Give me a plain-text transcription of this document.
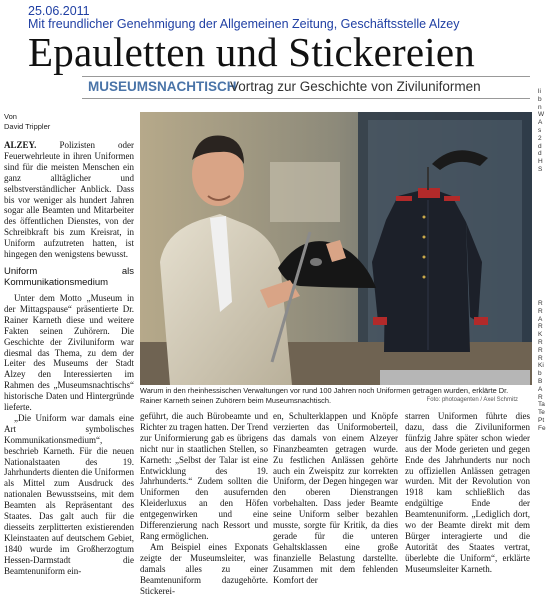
25.06.2011
Mit freundlicher Genehmigung der Allgemeinen Zeitung, Geschäftsstelle Alzey
Epauletten und Stickereien
MUSEUMSNACHTISCH
Vortrag zur Geschichte von Ziviluniformen
Von
David Trippler

ALZEY.	Polizisten oder Feuerwehrleute in ihren Uniformen sind für die meisten Menschen ein ganz alltäglicher und selbstverständlicher Anblick. Dass bis vor weniger als hundert Jahren sogar alle Beamten und Mitarbeiter des öffentlichen Dienstes, von der Schreibkraft bis zum Kreisrat, in Uniform aufzutreten hatten, ist hingegen den wenigstens bewusst.

Uniform als Kommunikationsmedium

Unter dem Motto „Museum in der Mittagspause“ präsentierte Dr. Rainer Karneth diese und weitere Fakten seinen Zuhörern. Die Geschichte der Ziviluniform war diesmal das Thema, zu dem der Leiter des Museums der Stadt Alzey den Interessierten im Rahmen des „Museumsnachtischs“ historische Daten und Hintergründe lieferte.

„Die Uniform war damals eine Art symbolisches Kommunikationsmedium“, beschrieb Karneth. Für die neuen Nationalstaaten des 19. Jahrhunderts dienten die Uniformen als Mittel zum Ausdruck des nationalen Bewusstseins, mit dem Beamten als Repräsentant des Staates. Das galt auch für die diesseits zerplitterten existierenden Kleinstaaten auf deutschem Gebiet, 1840 wurde im Großherzogtum Hessen-Darmstadt die Beamtenuniform ein-

Warum in den rheinhessischen Verwaltungen vor rund 100 Jahren noch Uniformen getragen wurden, erklärte Dr. Rainer Karneth seinen Zuhörern beim Museumsnachtisch.	Foto: photoagenten / Axel Schmitz

geführt, die auch Bürobeamte und Richter zu tragen hatten. Der Trend zur Uniformierung gab es übrigens nicht nur in staatlichen Stellen, so Karneth: „Selbst der Talar ist eine Entwicklung des 19. Jahrhunderts.“ Zudem sollten die Uniformen den ausufernden Kleiderluxus an den Höfen entgegenwirken und eine Differenzierung nach Ressort und Rang ermöglichen.

Am Beispiel eines Exponats zeigte der Museumsleiter, was damals alles zu einer Beamtenuniform dazugehörte. Stickerei-

en, Schulterklappen und Knöpfe verzierten das Uniformoberteil, das damals von einem Alzeyer Finanzbeamten getragen wurde. Zu festlichen Anlässen gehörte auch ein Zweispitz zur korrekten Uniform, der Degen hingegen war den oberen Dienstrangen vorbehalten. Dass jeder Beamte seine Uniform selber bezahlen musste, sorgte für Kritik, da dies gerade für die unteren Gehaltsklassen eine große finanzielle Belastung darstellte. Zusammen mit dem fehlenden Komfort der

starren Uniformen führte dies dazu, dass die Ziviluniformen fünfzig Jahre später schon wieder aus der Mode gerieten und gegen Ende des Jahrhunderts nur noch zu offiziellen Anlässen getragen wurden. Mit der Revolution von 1918 kam schließlich das endgültige Ende der Beamtenuniform. „Lediglich dort, wo der Beamte direkt mit dem Bürger interagierte und die Autorität des Staates vertrat, überlebte die Uniform“, erklärte Museumsleiter Karneth.

li
b
n
W
A
s
2
d
d
H
S
R
R
A
R
K
R
R
R
Ki
b
B
A
R
Ta
Te
Pt
Fe
